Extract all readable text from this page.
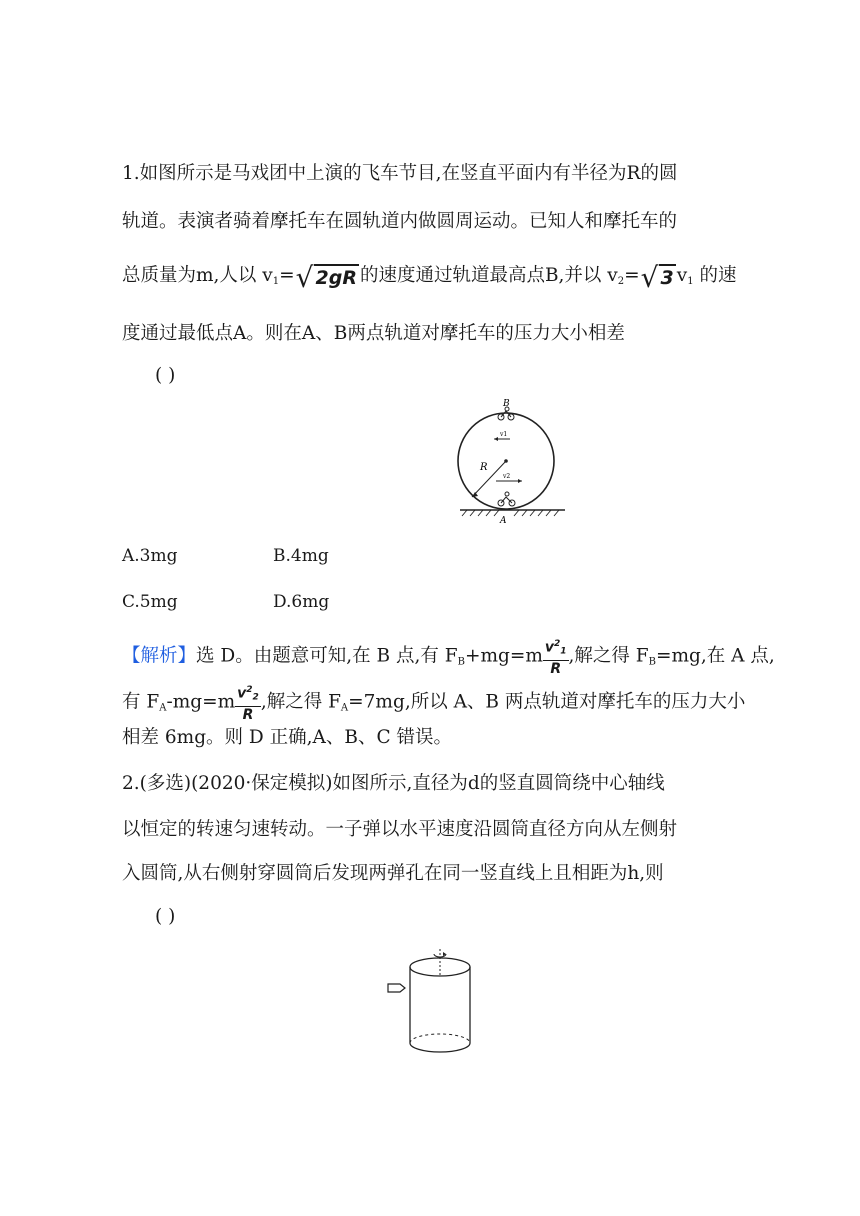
1.如图所示是马戏团中上演的飞车节目,在竖直平面内有半径为R的圆
轨道。表演者骑着摩托车在圆轨道内做圆周运动。已知人和摩托车的
总质量为m,人以 $v_1=√$ 2gR 的速度通过轨道最高点B,并以 $v_2=√$ 3 $v_1$ 的速
度通过最低点A。则在A、B两点轨道对摩托车的压力大小相差
( )
R
B
v1
v2
A
A.3mg	B.4mg
C.5mg	D.6mg
【解析】选 D。由题意可知,在 B 点,有 $F_B+mg=m \frac{v^2_1}{R}$ ,解之得 $F_B=mg$,在 A 点,
有 $F_A-mg=m \frac{v^2_2}{R}$ ,解之得 $F_A=7mg$,所以 A、B 两点轨道对摩托车的压力大小
相差 6mg。则 D 正确,A、B、C 错误。
2.(多选)(2020·保定模拟)如图所示,直径为d的竖直圆筒绕中心轴线
以恒定的转速匀速转动。一子弹以水平速度沿圆筒直径方向从左侧射
入圆筒,从右侧射穿圆筒后发现两弹孔在同一竖直线上且相距为h,则
( )
